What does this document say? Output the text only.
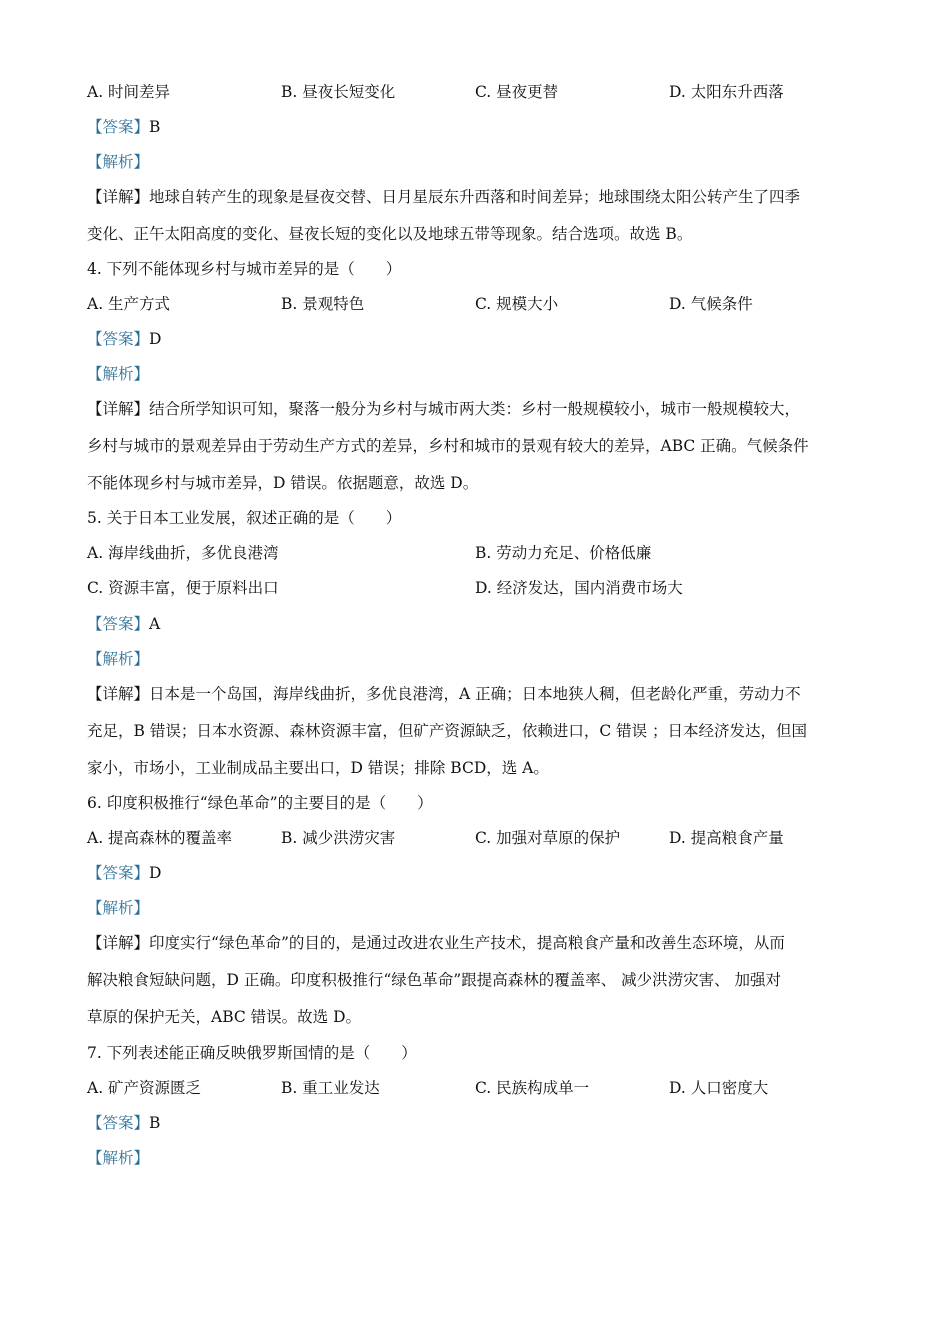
A. 时间差异	B. 昼夜长短变化	C. 昼夜更替	D. 太阳东升西落
【答案】B
【解析】
【详解】地球自转产生的现象是昼夜交替、日月星辰东升西落和时间差异；地球围绕太阳公转产生了四季
变化、正午太阳高度的变化、昼夜长短的变化以及地球五带等现象。结合选项。故选 B。
4. 下列不能体现乡村与城市差异的是（　　）
A. 生产方式	B. 景观特色	C. 规模大小	D. 气候条件
【答案】D
【解析】
【详解】结合所学知识可知，聚落一般分为乡村与城市两大类：乡村一般规模较小，城市一般规模较大，
乡村与城市的景观差异由于劳动生产方式的差异，乡村和城市的景观有较大的差异，ABC 正确。气候条件
不能体现乡村与城市差异，D 错误。依据题意，故选 D。
5. 关于日本工业发展，叙述正确的是（　　）
A. 海岸线曲折，多优良港湾	B. 劳动力充足、价格低廉
C. 资源丰富，便于原料出口	D. 经济发达，国内消费市场大
【答案】A
【解析】
【详解】日本是一个岛国，海岸线曲折，多优良港湾，A 正确；日本地狭人稠，但老龄化严重，劳动力不
充足，B 错误；日本水资源、森林资源丰富，但矿产资源缺乏，依赖进口，C 错误 ；日本经济发达，但国
家小，市场小，工业制成品主要出口，D 错误；排除 BCD，选 A。
6. 印度积极推行“绿色革命”的主要目的是（　　）
A. 提高森林的覆盖率	B. 减少洪涝灾害	C. 加强对草原的保护	D. 提高粮食产量
【答案】D
【解析】
【详解】印度实行“绿色革命”的目的，是通过改进农业生产技术，提高粮食产量和改善生态环境，从而
解决粮食短缺问题，D 正确。印度积极推行“绿色革命”跟提高森林的覆盖率、 减少洪涝灾害、 加强对
草原的保护无关，ABC 错误。故选 D。
7. 下列表述能正确反映俄罗斯国情的是（　　）
A. 矿产资源匮乏	B. 重工业发达	C. 民族构成单一	D. 人口密度大
【答案】B
【解析】
